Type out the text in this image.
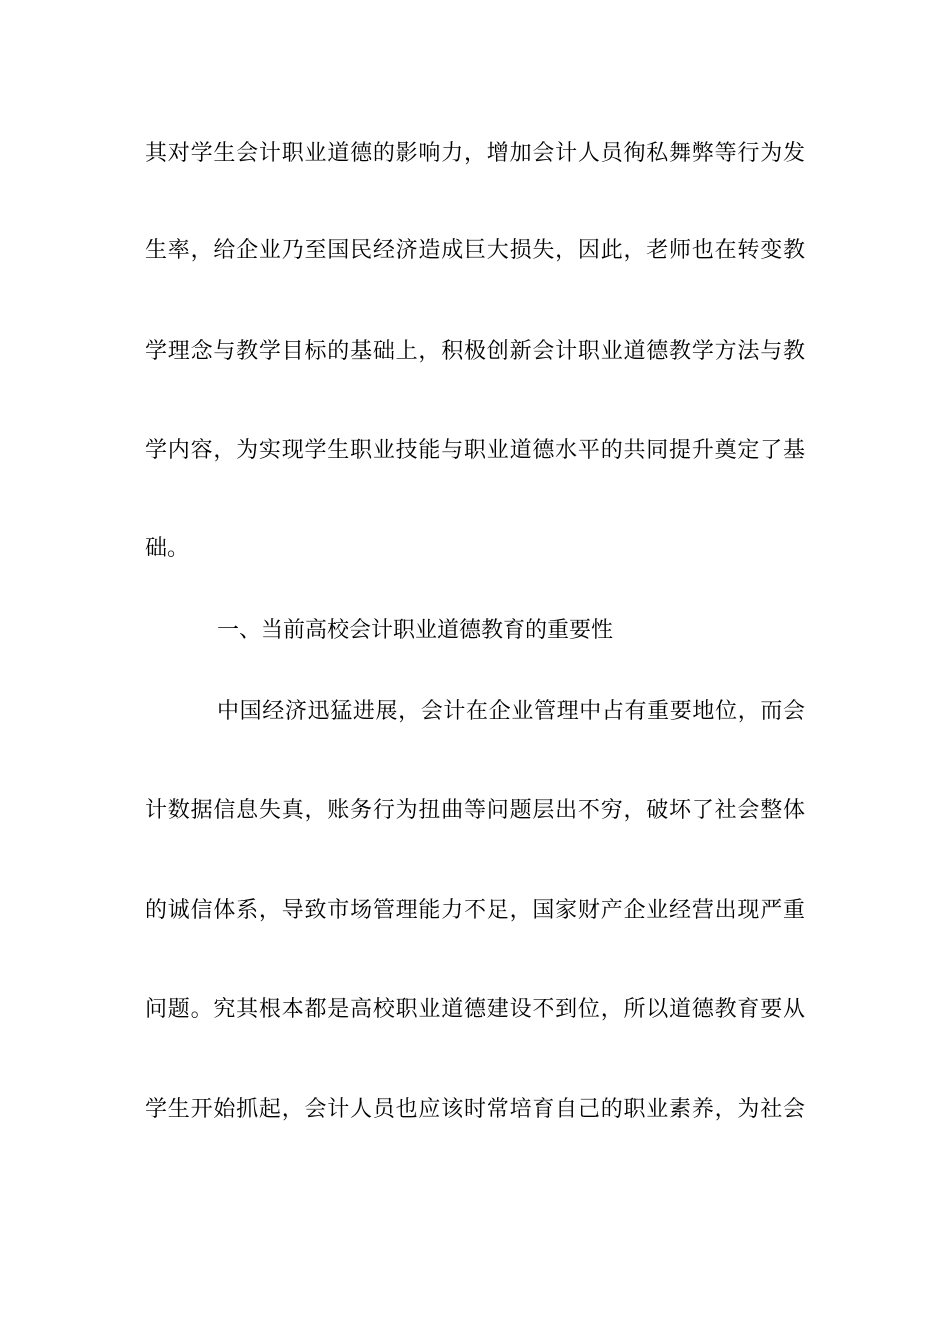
其对学生会计职业道德的影响力，增加会计人员徇私舞弊等行为发
生率，给企业乃至国民经济造成巨大损失，因此，老师也在转变教
学理念与教学目标的基础上，积极创新会计职业道德教学方法与教
学内容，为实现学生职业技能与职业道德水平的共同提升奠定了基
础。
一、当前高校会计职业道德教育的重要性
中国经济迅猛进展，会计在企业管理中占有重要地位，而会
计数据信息失真，账务行为扭曲等问题层出不穷，破坏了社会整体
的诚信体系，导致市场管理能力不足，国家财产企业经营出现严重
问题。究其根本都是高校职业道德建设不到位，所以道德教育要从
学生开始抓起，会计人员也应该时常培育自己的职业素养，为社会
